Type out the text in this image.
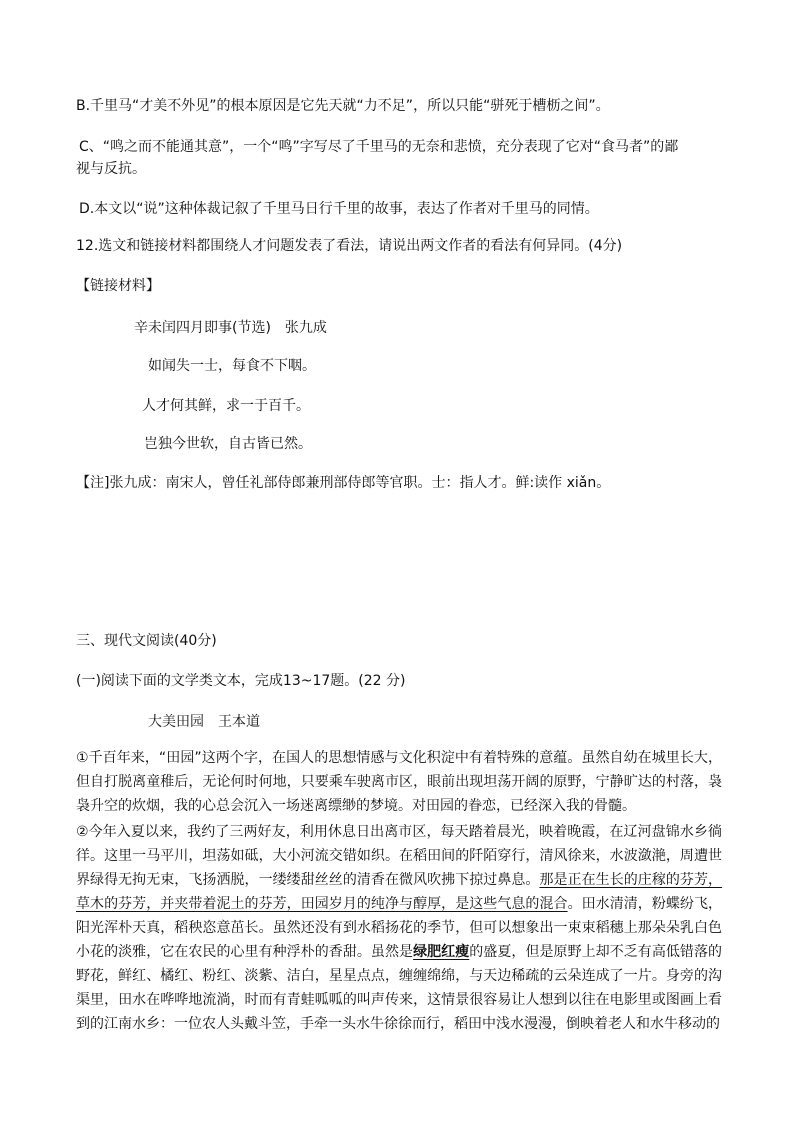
B.千里马“才美不外见”的根本原因是它先天就“力不足”，所以只能“骈死于槽枥之间”。

C、“鸣之而不能通其意”，一个“鸣”字写尽了千里马的无奈和悲愤，充分表现了它对“食马者”的鄙

视与反抗。

D.本文以“说”这种体裁记叙了千里马日行千里的故事，表达了作者对千里马的同情。

12.选文和链接材料都围绕人才问题发表了看法，请说出两文作者的看法有何异同。(4分)

【链接材料】

辛未闰四月即事(节选)　张九成

如闻失一士，每食不下咽。

人才何其鲜，求一于百千。

岂独今世软，自古皆已然。

【注]张九成：南宋人，曾任礼部侍郎兼刑部侍郎等官职。士：指人才。鲜:读作 xiǎn。

三、现代文阅读(40分)

(一)阅读下面的文学类文本，完成13~17题。(22 分)

大美田园　王本道

①千百年来，“田园”这两个字，在国人的思想情感与文化积淀中有着特殊的意蕴。虽然自幼在城里长大，但自打脱离童稚后，无论何时何地，只要乘车驶离市区，眼前出现坦荡开阔的原野，宁静旷达的村落，袅袅升空的炊烟，我的心总会沉入一场迷离缥缈的梦境。对田园的眷恋，已经深入我的骨髓。

②今年入夏以来，我约了三两好友，利用休息日出离市区，每天踏着晨光，映着晚霞，在辽河盘锦水乡徜徉。这里一马平川，坦荡如砥，大小河流交错如织。在稻田间的阡陌穿行，清风徐来，水波潋滟，周遭世界绿得无拘无束，飞扬洒脱，一缕缕甜丝丝的清香在微风吹拂下掠过鼻息。那是正在生长的庄稼的芬芳，草木的芬芳，并夹带着泥土的芬芳，田园岁月的纯净与醇厚，是这些气息的混合。田水清清，粉蝶纷飞，阳光浑朴天真，稻秧恣意茁长。虽然还没有到水稻扬花的季节，但可以想象出一束束稻穗上那朵朵乳白色小花的淡雅，它在农民的心里有种浮朴的香甜。虽然是绿肥红瘦的盛夏，但是原野上却不乏有高低错落的野花，鲜红、橘红、粉红、淡紫、洁白，星星点点，缠缠绵绵，与天边稀疏的云朵连成了一片。身旁的沟渠里，田水在哗哗地流淌，时而有青蛙呱呱的叫声传来，这情景很容易让人想到以往在电影里或图画上看到的江南水乡：一位农人头戴斗笠，手牵一头水牛徐徐而行，稻田中浅水漫漫，倒映着老人和水牛移动的
